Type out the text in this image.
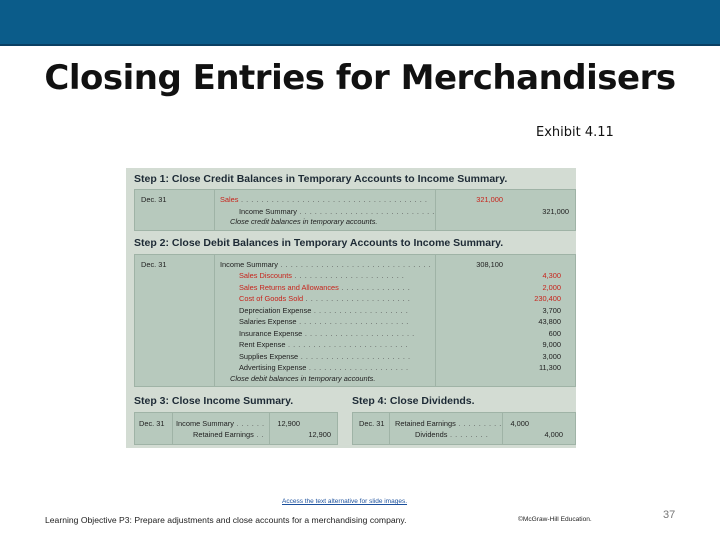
Closing Entries for Merchandisers
Exhibit 4.11
Step 1: Close Credit Balances in Temporary Accounts to Income Summary.
Dec. 31	Sales . . . . . . . . . . . . . . . . . . . . . . . . . . . . . . . . . . . . .	321,000
Income Summary . . . . . . . . . . . . . . . . . . . . . . . . . . .	321,000
Close credit balances in temporary accounts.
Step 2: Close Debit Balances in Temporary Accounts to Income Summary.
Dec. 31	Income Summary . . . . . . . . . . . . . . . . . . . . . . . . . . . . . .	308,100
Sales Discounts . . . . . . . . . . . . . . . . . . . . . .	4,300
Sales Returns and Allowances . . . . . . . . . . . . . .	2,000
Cost of Goods Sold . . . . . . . . . . . . . . . . . . . . .	230,400
Depreciation Expense . . . . . . . . . . . . . . . . . . .	3,700
Salaries Expense . . . . . . . . . . . . . . . . . . . . . .	43,800
Insurance Expense . . . . . . . . . . . . . . . . . . . . . .	600
Rent Expense . . . . . . . . . . . . . . . . . . . . . . . .	9,000
Supplies Expense . . . . . . . . . . . . . . . . . . . . . .	3,000
Advertising Expense . . . . . . . . . . . . . . . . . . . .	11,300
Close debit balances in temporary accounts.
Step 3: Close Income Summary.
Dec. 31 Income Summary . . . . . .	12,900
Retained Earnings . .	12,900
Step 4: Close Dividends.
Dec. 31 Retained Earnings . . . . . . . . .	4,000
Dividends . . . . . . . .	4,000
Access the text alternative for slide images.
Learning Objective P3: Prepare adjustments and close accounts for a merchandising company.	©McGraw-Hill Education.	37
